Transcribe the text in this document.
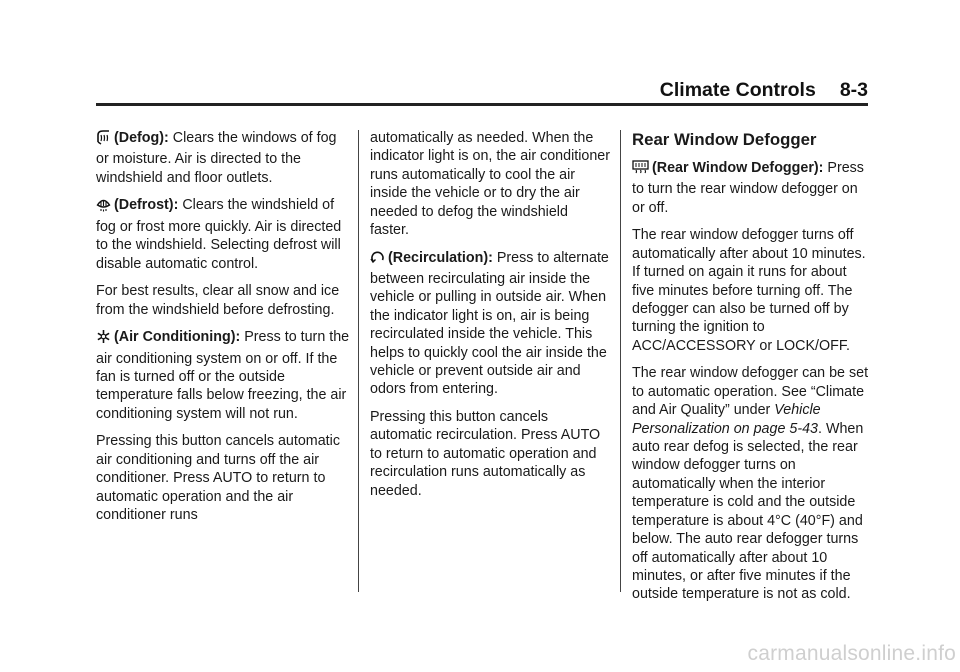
Climate Controls 8-3

(Defog): Clears the windows of fog or moisture. Air is directed to the windshield and floor outlets.

(Defrost): Clears the windshield of fog or frost more quickly. Air is directed to the windshield. Selecting defrost will disable automatic control.

For best results, clear all snow and ice from the windshield before defrosting.

(Air Conditioning): Press to turn the air conditioning system on or off. If the fan is turned off or the outside temperature falls below freezing, the air conditioning system will not run.

Pressing this button cancels automatic air conditioning and turns off the air conditioner. Press AUTO to return to automatic operation and the air conditioner runs

automatically as needed. When the indicator light is on, the air conditioner runs automatically to cool the air inside the vehicle or to dry the air needed to defog the windshield faster.

(Recirculation): Press to alternate between recirculating air inside the vehicle or pulling in outside air. When the indicator light is on, air is being recirculated inside the vehicle. This helps to quickly cool the air inside the vehicle or prevent outside air and odors from entering.

Pressing this button cancels automatic recirculation. Press AUTO to return to automatic operation and recirculation runs automatically as needed.

Rear Window Defogger

(Rear Window Defogger): Press to turn the rear window defogger on or off.

The rear window defogger turns off automatically after about 10 minutes. If turned on again it runs for about five minutes before turning off. The defogger can also be turned off by turning the ignition to ACC/ACCESSORY or LOCK/OFF.

The rear window defogger can be set to automatic operation. See “Climate and Air Quality” under Vehicle Personalization on page 5-43. When auto rear defog is selected, the rear window defogger turns on automatically when the interior temperature is cold and the outside temperature is about 4°C (40°F) and below. The auto rear defogger turns off automatically after about 10 minutes, or after five minutes if the outside temperature is not as cold.

carmanualsonline.info
